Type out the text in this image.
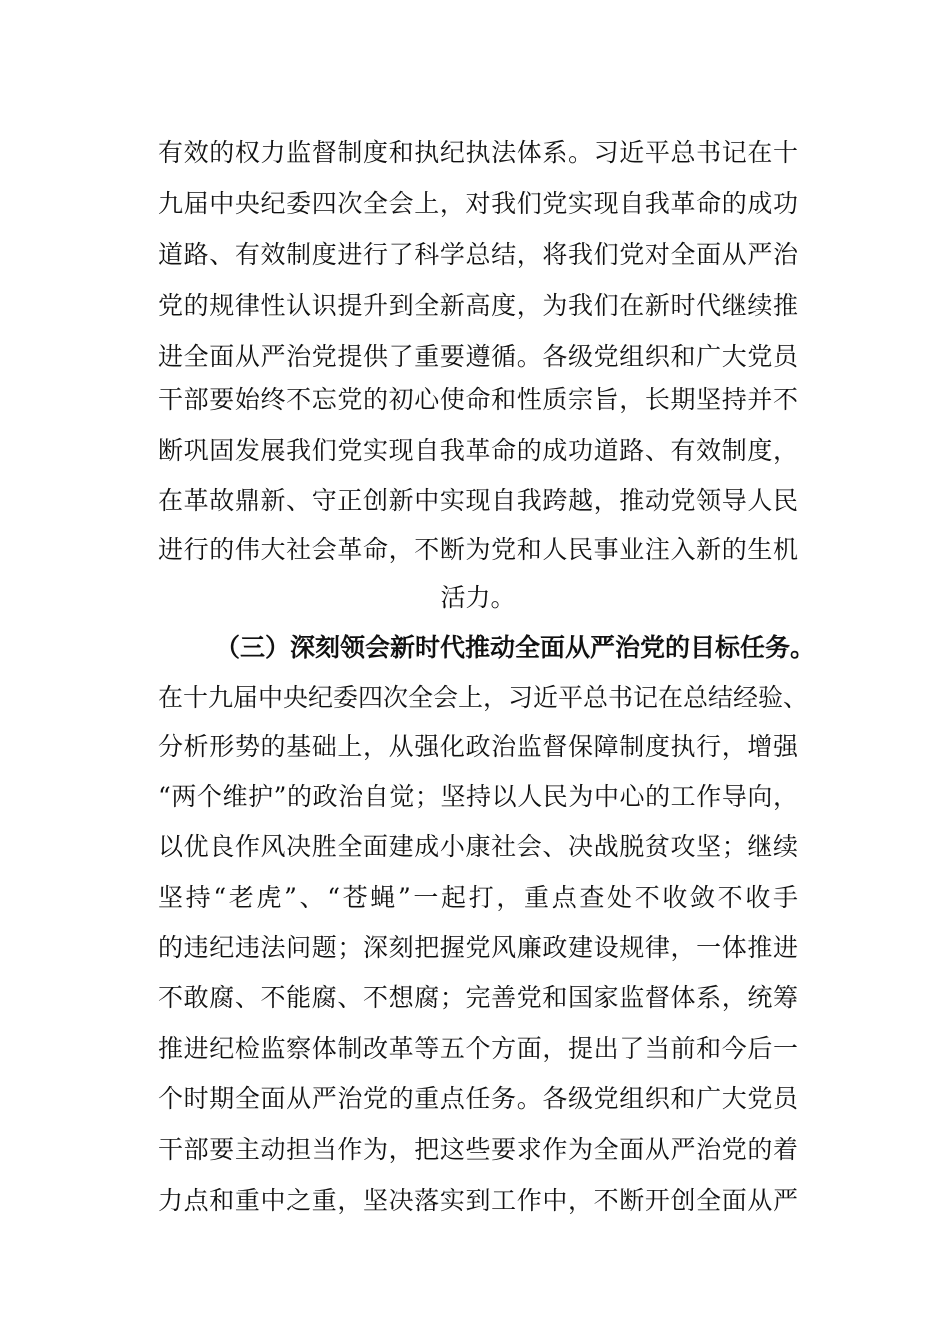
有效的权力监督制度和执纪执法体系。习近平总书记在十
九届中央纪委四次全会上，对我们党实现自我革命的成功
道路、有效制度进行了科学总结，将我们党对全面从严治
党的规律性认识提升到全新高度，为我们在新时代继续推
进全面从严治党提供了重要遵循。各级党组织和广大党员
干部要始终不忘党的初心使命和性质宗旨，长期坚持并不
断巩固发展我们党实现自我革命的成功道路、有效制度，
在革故鼎新、守正创新中实现自我跨越，推动党领导人民
进行的伟大社会革命，不断为党和人民事业注入新的生机
活力。
（三）深刻领会新时代推动全面从严治党的目标任务。
在十九届中央纪委四次全会上，习近平总书记在总结经验、
分析形势的基础上，从强化政治监督保障制度执行，增强
“两个维护”的政治自觉；坚持以人民为中心的工作导向，
以优良作风决胜全面建成小康社会、决战脱贫攻坚；继续
坚持“老虎”、“苍蝇”一起打，重点查处不收敛不收手
的违纪违法问题；深刻把握党风廉政建设规律，一体推进
不敢腐、不能腐、不想腐；完善党和国家监督体系，统筹
推进纪检监察体制改革等五个方面，提出了当前和今后一
个时期全面从严治党的重点任务。各级党组织和广大党员
干部要主动担当作为，把这些要求作为全面从严治党的着
力点和重中之重，坚决落实到工作中，不断开创全面从严
